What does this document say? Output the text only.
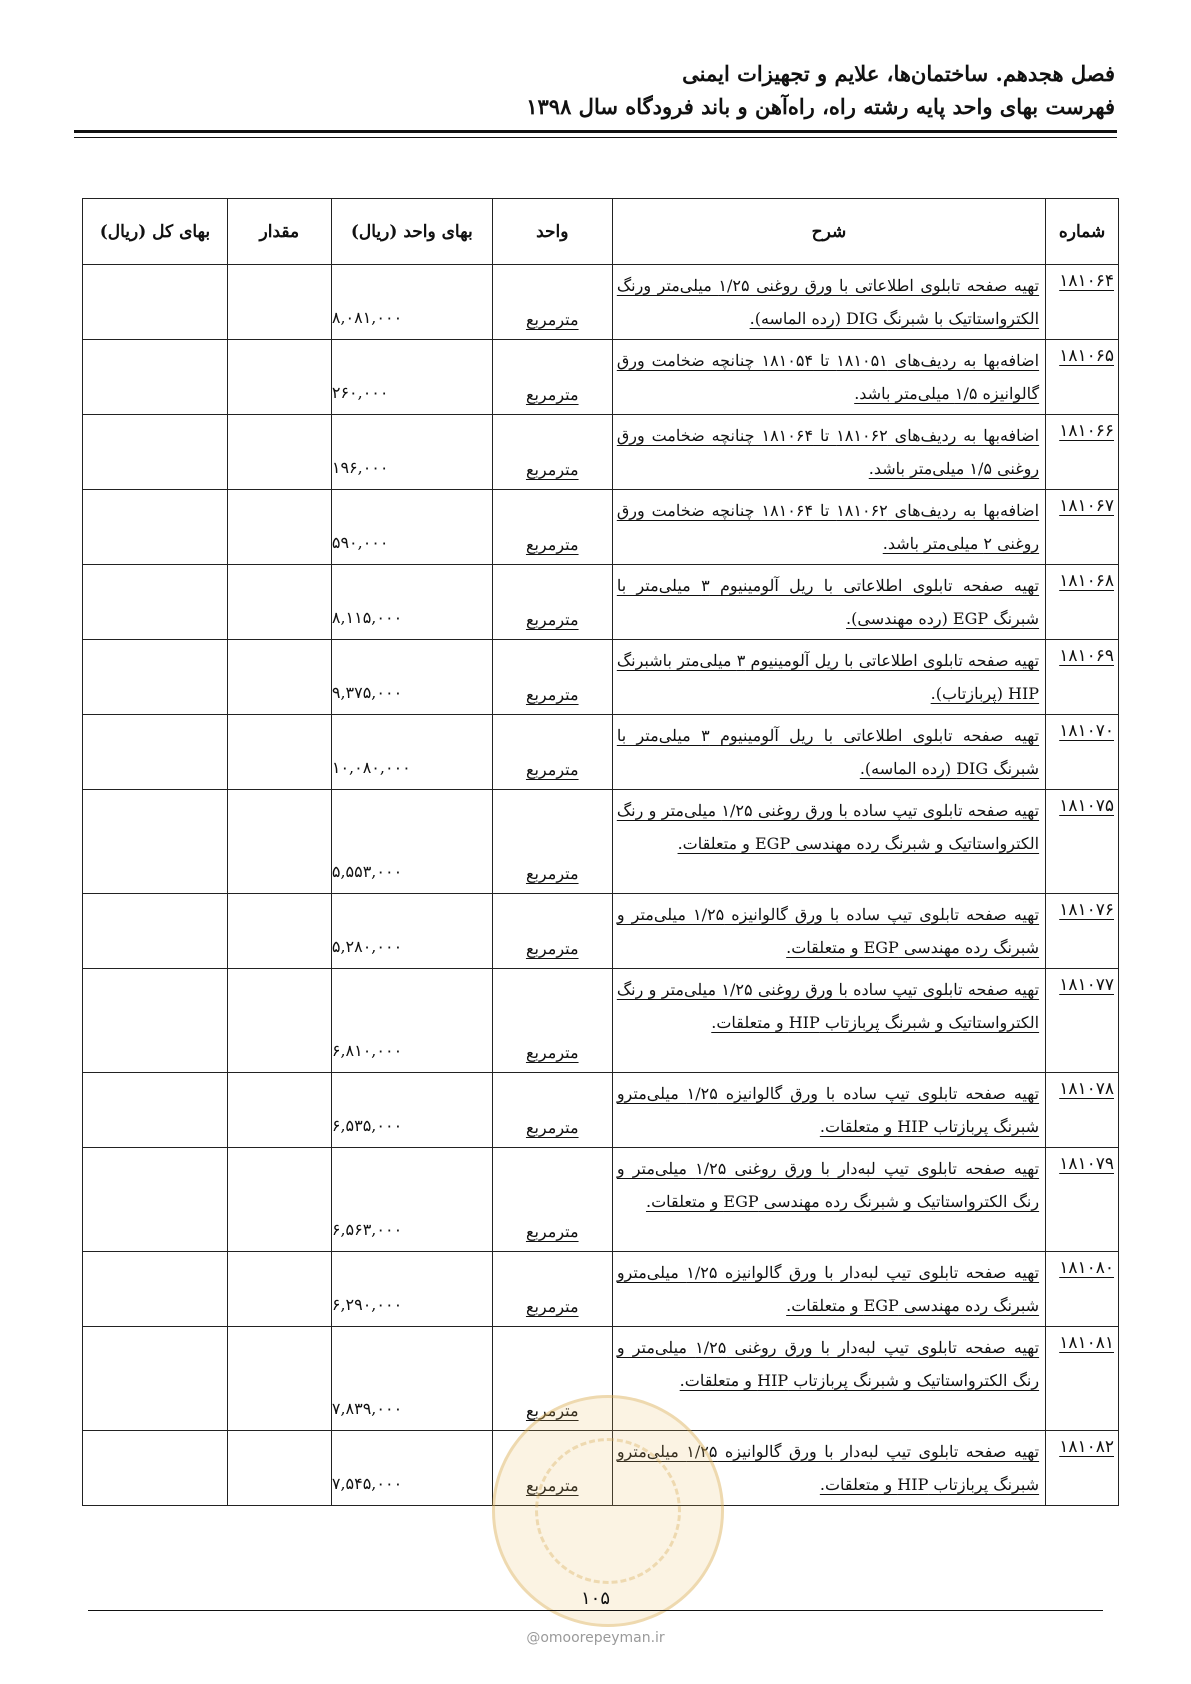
فصل هجدهم. ساختمان‌ها، علایم و تجهیزات ایمنی
فهرست بهای واحد پایه رشته راه، راه‌آهن و باند فرودگاه سال ۱۳۹۸
شماره	شرح	واحد	بهای واحد (ریال)	مقدار	بهای کل (ریال)
۱۸۱۰۶۴	تهیه صفحه تابلوی اطلاعاتی با ورق روغنی ۱/۲۵ میلی‌متر ورنگ الکترواستاتیک با شبرنگ DIG (رده الماسه).	مترمربع	۸,۰۸۱,۰۰۰		
۱۸۱۰۶۵	اضافه‌بها به ردیف‌های ۱۸۱۰۵۱ تا ۱۸۱۰۵۴ چنانچه ضخامت ورق گالوانیزه ۱/۵ میلی‌متر باشد.	مترمربع	۲۶۰,۰۰۰		
۱۸۱۰۶۶	اضافه‌بها به ردیف‌های ۱۸۱۰۶۲ تا ۱۸۱۰۶۴ چنانچه ضخامت ورق روغنی ۱/۵ میلی‌متر باشد.	مترمربع	۱۹۶,۰۰۰		
۱۸۱۰۶۷	اضافه‌بها به ردیف‌های ۱۸۱۰۶۲ تا ۱۸۱۰۶۴ چنانچه ضخامت ورق روغنی ۲ میلی‌متر باشد.	مترمربع	۵۹۰,۰۰۰		
۱۸۱۰۶۸	تهیه صفحه تابلوی اطلاعاتی با ریل آلومینیوم ۳ میلی‌متر با شبرنگ EGP (رده مهندسی).	مترمربع	۸,۱۱۵,۰۰۰		
۱۸۱۰۶۹	تهیه صفحه تابلوی اطلاعاتی با ریل آلومینیوم ۳ میلی‌متر باشبرنگ HIP (پربازتاب).	مترمربع	۹,۳۷۵,۰۰۰		
۱۸۱۰۷۰	تهیه صفحه تابلوی اطلاعاتی با ریل آلومینیوم ۳ میلی‌متر با شبرنگ DIG (رده الماسه).	مترمربع	۱۰,۰۸۰,۰۰۰		
۱۸۱۰۷۵	تهیه صفحه تابلوی تیپ ساده با ورق روغنی ۱/۲۵ میلی‌متر و رنگ الکترواستاتیک و شبرنگ رده مهندسی EGP و متعلقات.	مترمربع	۵,۵۵۳,۰۰۰		
۱۸۱۰۷۶	تهیه صفحه تابلوی تیپ ساده با ورق گالوانیزه ۱/۲۵ میلی‌متر و شبرنگ رده مهندسی EGP و متعلقات.	مترمربع	۵,۲۸۰,۰۰۰		
۱۸۱۰۷۷	تهیه صفحه تابلوی تیپ ساده با ورق روغنی ۱/۲۵ میلی‌متر و رنگ الکترواستاتیک و شبرنگ پربازتاب HIP و متعلقات.	مترمربع	۶,۸۱۰,۰۰۰		
۱۸۱۰۷۸	تهیه صفحه تابلوی تیپ ساده با ورق گالوانیزه ۱/۲۵ میلی‌مترو شبرنگ پربازتاب HIP و متعلقات.	مترمربع	۶,۵۳۵,۰۰۰		
۱۸۱۰۷۹	تهیه صفحه تابلوی تیپ لبه‌دار با ورق روغنی ۱/۲۵ میلی‌متر و رنگ الکترواستاتیک و شبرنگ رده مهندسی EGP و متعلقات.	مترمربع	۶,۵۶۳,۰۰۰		
۱۸۱۰۸۰	تهیه صفحه تابلوی تیپ لبه‌دار با ورق گالوانیزه ۱/۲۵ میلی‌مترو شبرنگ رده مهندسی EGP و متعلقات.	مترمربع	۶,۲۹۰,۰۰۰		
۱۸۱۰۸۱	تهیه صفحه تابلوی تیپ لبه‌دار با ورق روغنی ۱/۲۵ میلی‌متر و رنگ الکترواستاتیک و شبرنگ پربازتاب HIP و متعلقات.	مترمربع	۷,۸۳۹,۰۰۰		
۱۸۱۰۸۲	تهیه صفحه تابلوی تیپ لبه‌دار با ورق گالوانیزه ۱/۲۵ میلی‌مترو شبرنگ پربازتاب HIP و متعلقات.	مترمربع	۷,۵۴۵,۰۰۰		
۱۰۵
@omoorepeyman.ir
